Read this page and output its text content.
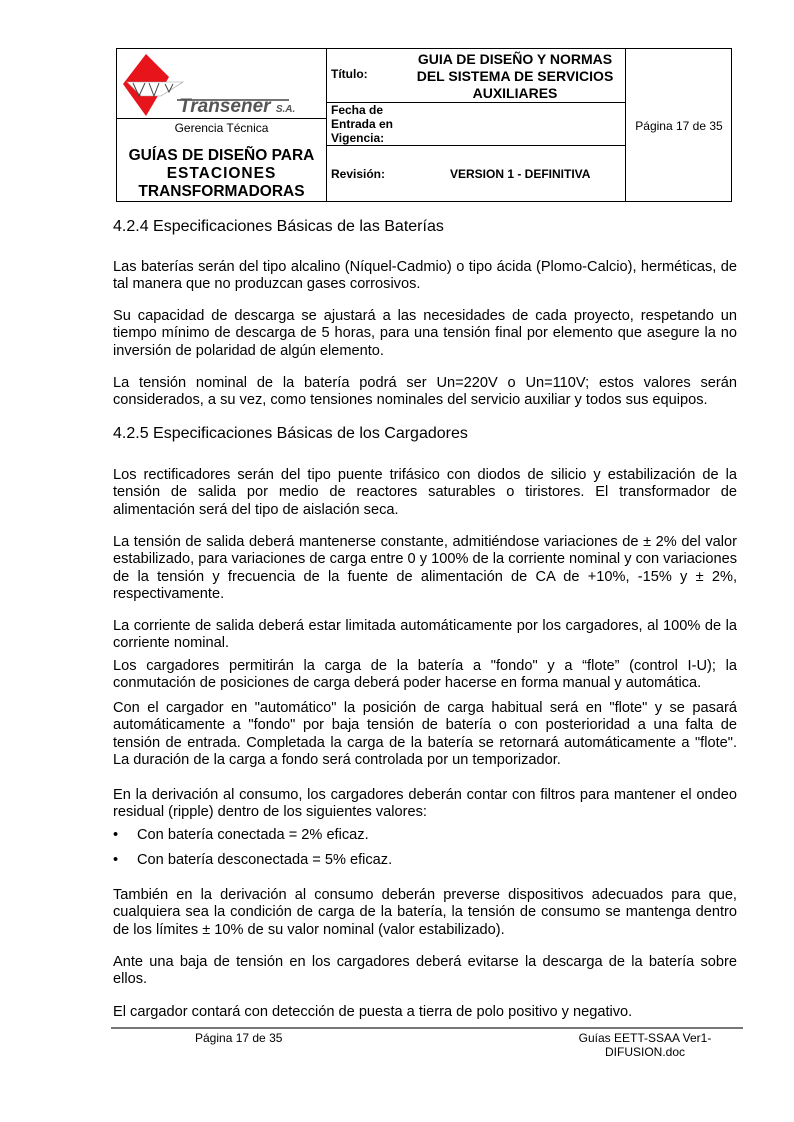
Transener S.A.
Gerencia Técnica
GUÍAS DE DISEÑO PARA
ESTACIONES
TRANSFORMADORAS
Título:
GUIA DE DISEÑO Y NORMAS
DEL SISTEMA DE SERVICIOS
AUXILIARES
Fecha de
Entrada en
Vigencia:
Revisión:	VERSION 1 - DEFINITIVA
Página 17 de 35
4.2.4 Especificaciones Básicas de las Baterías
Las baterías serán del tipo alcalino (Níquel-Cadmio) o tipo ácida (Plomo-Calcio), herméticas, de tal manera que no produzcan gases corrosivos.
Su capacidad de descarga se ajustará a las necesidades de cada proyecto, respetando un tiempo mínimo de descarga de 5 horas, para una tensión final por elemento que asegure la no inversión de polaridad de algún elemento.
La tensión nominal de la batería podrá ser Un=220V o Un=110V; estos valores serán considerados, a su vez, como tensiones nominales del servicio auxiliar y todos sus equipos.
4.2.5 Especificaciones Básicas de los Cargadores
Los rectificadores serán del tipo puente trifásico con diodos de silicio y estabilización de la tensión de salida por medio de reactores saturables o tiristores. El transformador de alimentación será del tipo de aislación seca.
La tensión de salida deberá mantenerse constante, admitiéndose variaciones de ± 2% del valor estabilizado, para variaciones de carga entre 0 y 100% de la corriente nominal y con variaciones de la tensión y frecuencia de la fuente de alimentación de CA de +10%, -15% y ± 2%, respectivamente.
La corriente de salida deberá estar limitada automáticamente por los cargadores, al 100% de la corriente nominal.
Los cargadores permitirán la carga de la batería a "fondo" y a “flote” (control I-U); la conmutación de posiciones de carga deberá poder hacerse en forma manual y automática.
Con el cargador en "automático" la posición de carga habitual será en "flote" y se pasará automáticamente a "fondo" por baja tensión de batería o con posterioridad a una falta de tensión de entrada. Completada la carga de la batería se retornará automáticamente a "flote". La duración de la carga a fondo será controlada por un temporizador.
En la derivación al consumo, los cargadores deberán contar con filtros para mantener el ondeo residual (ripple) dentro de los siguientes valores:
• Con batería conectada = 2% eficaz.
• Con batería desconectada = 5% eficaz.
También en la derivación al consumo deberán preverse dispositivos adecuados para que, cualquiera sea la condición de carga de la batería, la tensión de consumo se mantenga dentro de los límites ± 10% de su valor nominal (valor estabilizado).
Ante una baja de tensión en los cargadores deberá evitarse la descarga de la batería sobre ellos.
El cargador contará con detección de puesta a tierra de polo positivo y negativo.
Página 17 de 35	Guías EETT-SSAA Ver1-
DIFUSION.doc
